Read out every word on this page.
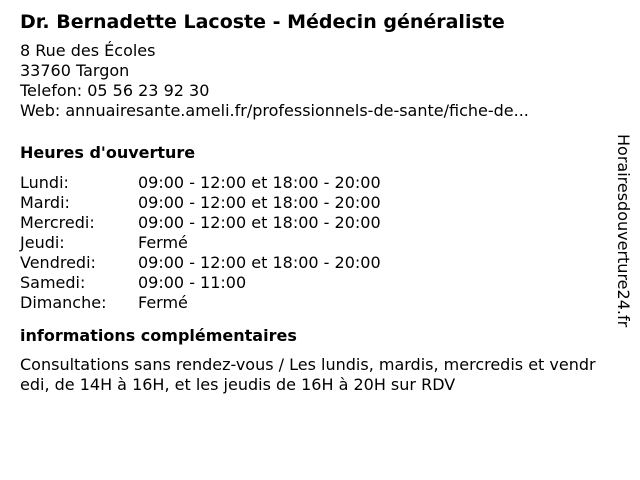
Dr. Bernadette Lacoste - Médecin généraliste
8 Rue des Écoles
33760 Targon
Telefon: 05 56 23 92 30
Web: annuairesante.ameli.fr/professionnels-de-sante/fiche-de...
Heures d'ouverture
Lundi:	09:00 - 12:00 et 18:00 - 20:00
Mardi:	09:00 - 12:00 et 18:00 - 20:00
Mercredi:	09:00 - 12:00 et 18:00 - 20:00
Jeudi:	Fermé
Vendredi:	09:00 - 12:00 et 18:00 - 20:00
Samedi:	09:00 - 11:00
Dimanche: Fermé
informations complémentaires
Consultations sans rendez-vous / Les lundis, mardis, mercredis et vendredi, de 14H à 16H, et les jeudis de 16H à 20H sur RDV
Horairesdouverture24.fr
